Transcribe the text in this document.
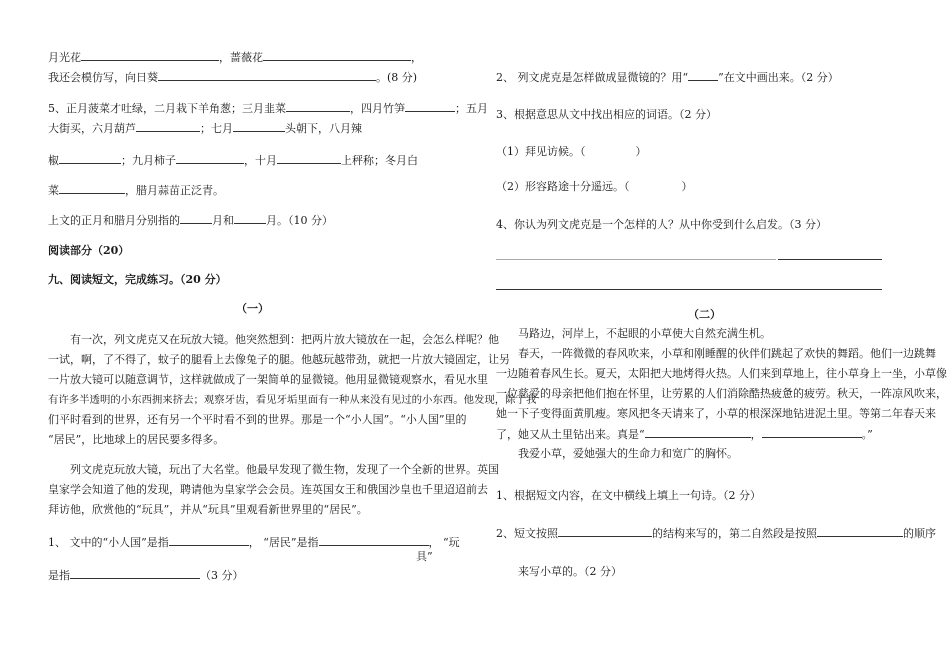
月光花	，蔷薇花	，
我还会模仿写，向日葵	。(8 分)
5、正月菠菜才吐绿，二月栽下羊角葱；三月韭菜	，四月竹笋	；五月
大街买，六月葫芦	；七月	头朝下，八月辣
椒	；九月柿子	，十月	上秤称；冬月白
菜	，腊月蒜苗正泛青。
上文的正月和腊月分别指的	月和	月。（10 分）
阅读部分（20）
九、阅读短文，完成练习。（20 分）
（一）
有一次，列文虎克又在玩放大镜。他突然想到：把两片放大镜放在一起，会怎么样呢？他
一试，啊，了不得了，蚊子的腿看上去像兔子的腿。他越玩越带劲，就把一片放大镜固定，让另
一片放大镜可以随意调节，这样就做成了一架简单的显微镜。他用显微镜观察水，看见水里
有许多半透明的小东西拥来挤去；观察牙齿，看见牙垢里面有一种从来没有见过的小东西。他发现，除了我
们平时看到的世界，还有另一个平时看不到的世界。那是一个“小人国”。“小人国”里的
“居民”，比地球上的居民要多得多。
列文虎克玩放大镜，玩出了大名堂。他最早发现了微生物，发现了一个全新的世界。英国
皇家学会知道了他的发现，聘请他为皇家学会会员。连英国女王和俄国沙皇也千里迢迢前去
拜访他，欣赏他的“玩具”，并从“玩具”里观看新世界里的“居民”。
1、 文中的“小人国”是指	， “居民”是指	， “玩
具”
是指	（3 分）
2、 列文虎克是怎样做成显微镜的？用“	”在文中画出来。（2 分）
3、根据意思从文中找出相应的词语。（2 分）
（1）拜见访候。（	）
（2）形容路途十分遥远。（	）
4、你认为列文虎克是一个怎样的人？从中你受到什么启发。（3 分）
（二）
马路边，河岸上，不起眼的小草使大自然充满生机。
春天，一阵微微的春风吹来，小草和刚睡醒的伙伴们跳起了欢快的舞蹈。他们一边跳舞
一边随着春风生长。夏天，太阳把大地烤得火热。人们来到草地上，往小草身上一坐，小草像
一位慈爱的母亲把他们抱在怀里，让劳累的人们消除酷热疲惫的疲劳。秋天，一阵凉风吹来，
她一下子变得面黄肌瘦。寒风把冬天请来了，小草的根深深地钻进泥土里。等第二年春天来
了，她又从土里钻出来。真是“	，	。”
我爱小草，爱她强大的生命力和宽广的胸怀。
1、根据短文内容，在文中横线上填上一句诗。（2 分）
2、短文按照	的结构来写的，第二自然段是按照	的顺序
来写小草的。（2 分）
